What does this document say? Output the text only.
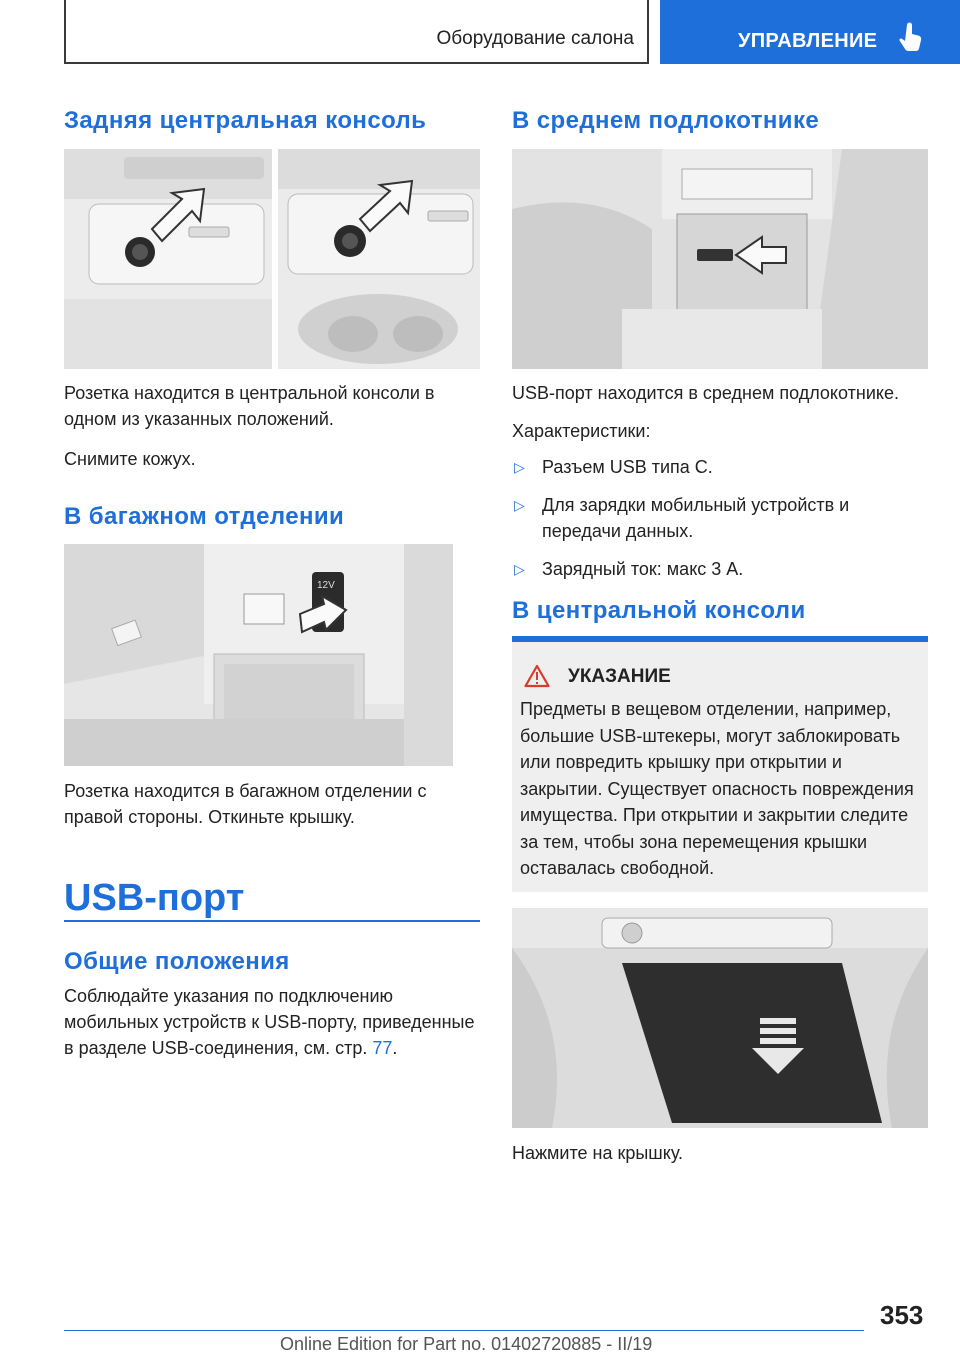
Оборудование салона	УПРАВЛЕНИЕ
Задняя центральная консоль

Розетка находится в центральной консоли в одном из указанных положений.

Снимите кожух.

В багажном отделении
12V

Розетка находится в багажном отделении с правой стороны. Откиньте крышку.

USB-порт
Общие положения

Соблюдайте указания по подключению мобильных устройств к USB-порту, приведенные в разделе USB-соединения, см. стр. 77.

В среднем подлокотнике

USB-порт находится в среднем подлокотнике.

Характеристики:

▷ Разъем USB типа C.
▷ Для зарядки мобильный устройств и передачи данных.
▷ Зарядный ток: макс 3 A.
В центральной консоли
УКАЗАНИЕ
Предметы в вещевом отделении, например, большие USB-штекеры, могут заблокировать или повредить крышку при открытии и закрытии. Существует опасность повреждения имущества. При открытии и закрытии следите за тем, чтобы зона перемещения крышки оставалась свободной.

Нажмите на крышку.

353
Online Edition for Part no. 01402720885 - II/19
